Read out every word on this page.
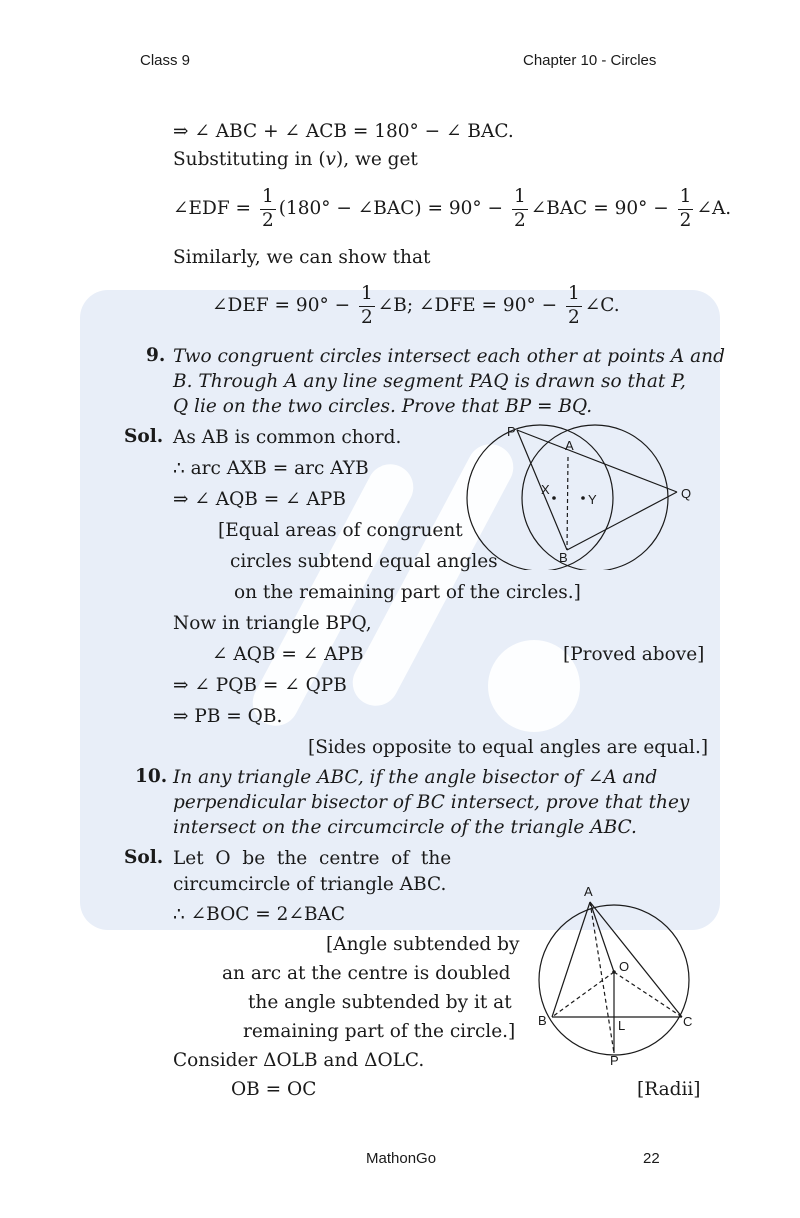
Class 9	Chapter 10 - Circles
⇒ ∠ ABC + ∠ ACB = 180° − ∠ BAC.
Substituting in (v), we get
∠EDF = $\frac{1}{2} (180^\circ$ − ∠BAC) = $90^\circ - \frac{1}{2}$ ∠BAC = $90^\circ - \frac{1}{2}$ ∠A.
Similarly, we can show that
∠DEF = $90^\circ - \frac{1}{2}$ ∠B; ∠DFE = $90^\circ - \frac{1}{2}$ ∠C.
9. Two congruent circles intersect each other at points A and
B. Through A any line segment PAQ is drawn so that P,
Q lie on the two circles. Prove that BP = BQ.
Sol. As AB is common chord.
∴ arc AXB = arc AYB
⇒ ∠ AQB = ∠ APB
[Equal areas of congruent
circles subtend equal angles
on the remaining part of the circles.]
Now in triangle BPQ,
∠ AQB = ∠ APB	[Proved above]
⇒ ∠ PQB = ∠ QPB
⇒ PB = QB.
[Sides opposite to equal angles are equal.]
P
A
X
Y	Q
B
10. In any triangle ABC, if the angle bisector of ∠A and
perpendicular bisector of BC intersect, prove that they
intersect on the circumcircle of the triangle ABC.
Sol. Let  O  be  the  centre  of  the
circumcircle of triangle ABC.
∴ ∠BOC = 2∠BAC
[Angle subtended by
an arc at the centre is doubled
the angle subtended by it at
remaining part of the circle.]
Consider ΔOLB and ΔOLC.
OB = OC	[Radii]
A
O
B	L	C
P
MathonGo	22
